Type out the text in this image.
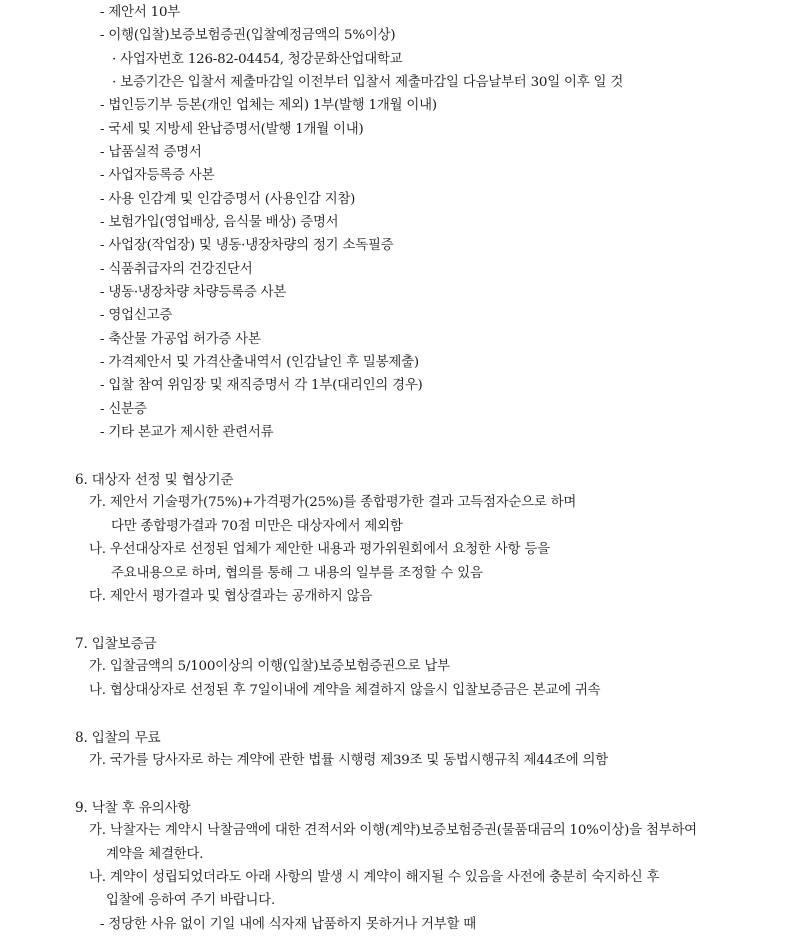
- 제안서 10부
- 이행(입찰)보증보험증권(입찰예정금액의 5%이상)
· 사업자번호 126-82-04454, 청강문화산업대학교
· 보증기간은 입찰서 제출마감일 이전부터 입찰서 제출마감일 다음날부터 30일 이후 일 것
- 법인등기부 등본(개인 업체는 제외) 1부(발행 1개월 이내)
- 국세 및 지방세 완납증명서(발행 1개월 이내)
- 납품실적 증명서
- 사업자등록증 사본
- 사용 인감계 및 인감증명서 (사용인감 지참)
- 보험가입(영업배상, 음식물 배상) 증명서
- 사업장(작업장) 및 냉동·냉장차량의 정기 소독필증
- 식품취급자의 건강진단서
- 냉동·냉장차량 차량등록증 사본
- 영업신고증
- 축산물 가공업 허가증 사본
- 가격제안서 및 가격산출내역서 (인감날인 후 밀봉제출)
- 입찰 참여 위임장 및 재직증명서 각 1부(대리인의 경우)
- 신분증
- 기타 본교가 제시한 관련서류
6. 대상자 선정 및 협상기준
가. 제안서 기술평가(75%)+가격평가(25%)를 종합평가한 결과 고득점자순으로 하며
다만 종합평가결과 70점 미만은 대상자에서 제외함
나. 우선대상자로 선정된 업체가 제안한 내용과 평가위원회에서 요청한 사항 등을
주요내용으로 하며, 협의를 통해 그 내용의 일부를 조정할 수 있음
다. 제안서 평가결과 및 협상결과는 공개하지 않음
7. 입찰보증금
가. 입찰금액의 5/100이상의 이행(입찰)보증보험증권으로 납부
나. 협상대상자로 선정된 후 7일이내에 계약을 체결하지 않을시 입찰보증금은 본교에 귀속
8. 입찰의 무료
가. 국가를 당사자로 하는 계약에 관한 법률 시행령 제39조 및 동법시행규칙 제44조에 의함
9. 낙찰 후 유의사항
가. 낙찰자는 계약시 낙찰금액에 대한 견적서와 이행(계약)보증보험증권(물품대금의 10%이상)을 첨부하여
계약을 체결한다.
나. 계약이 성립되었더라도 아래 사항의 발생 시 계약이 해지될 수 있음을 사전에 충분히 숙지하신 후
입찰에 응하여 주기 바랍니다.
- 정당한 사유 없이 기일 내에 식자재 납품하지 못하거나 거부할 때
